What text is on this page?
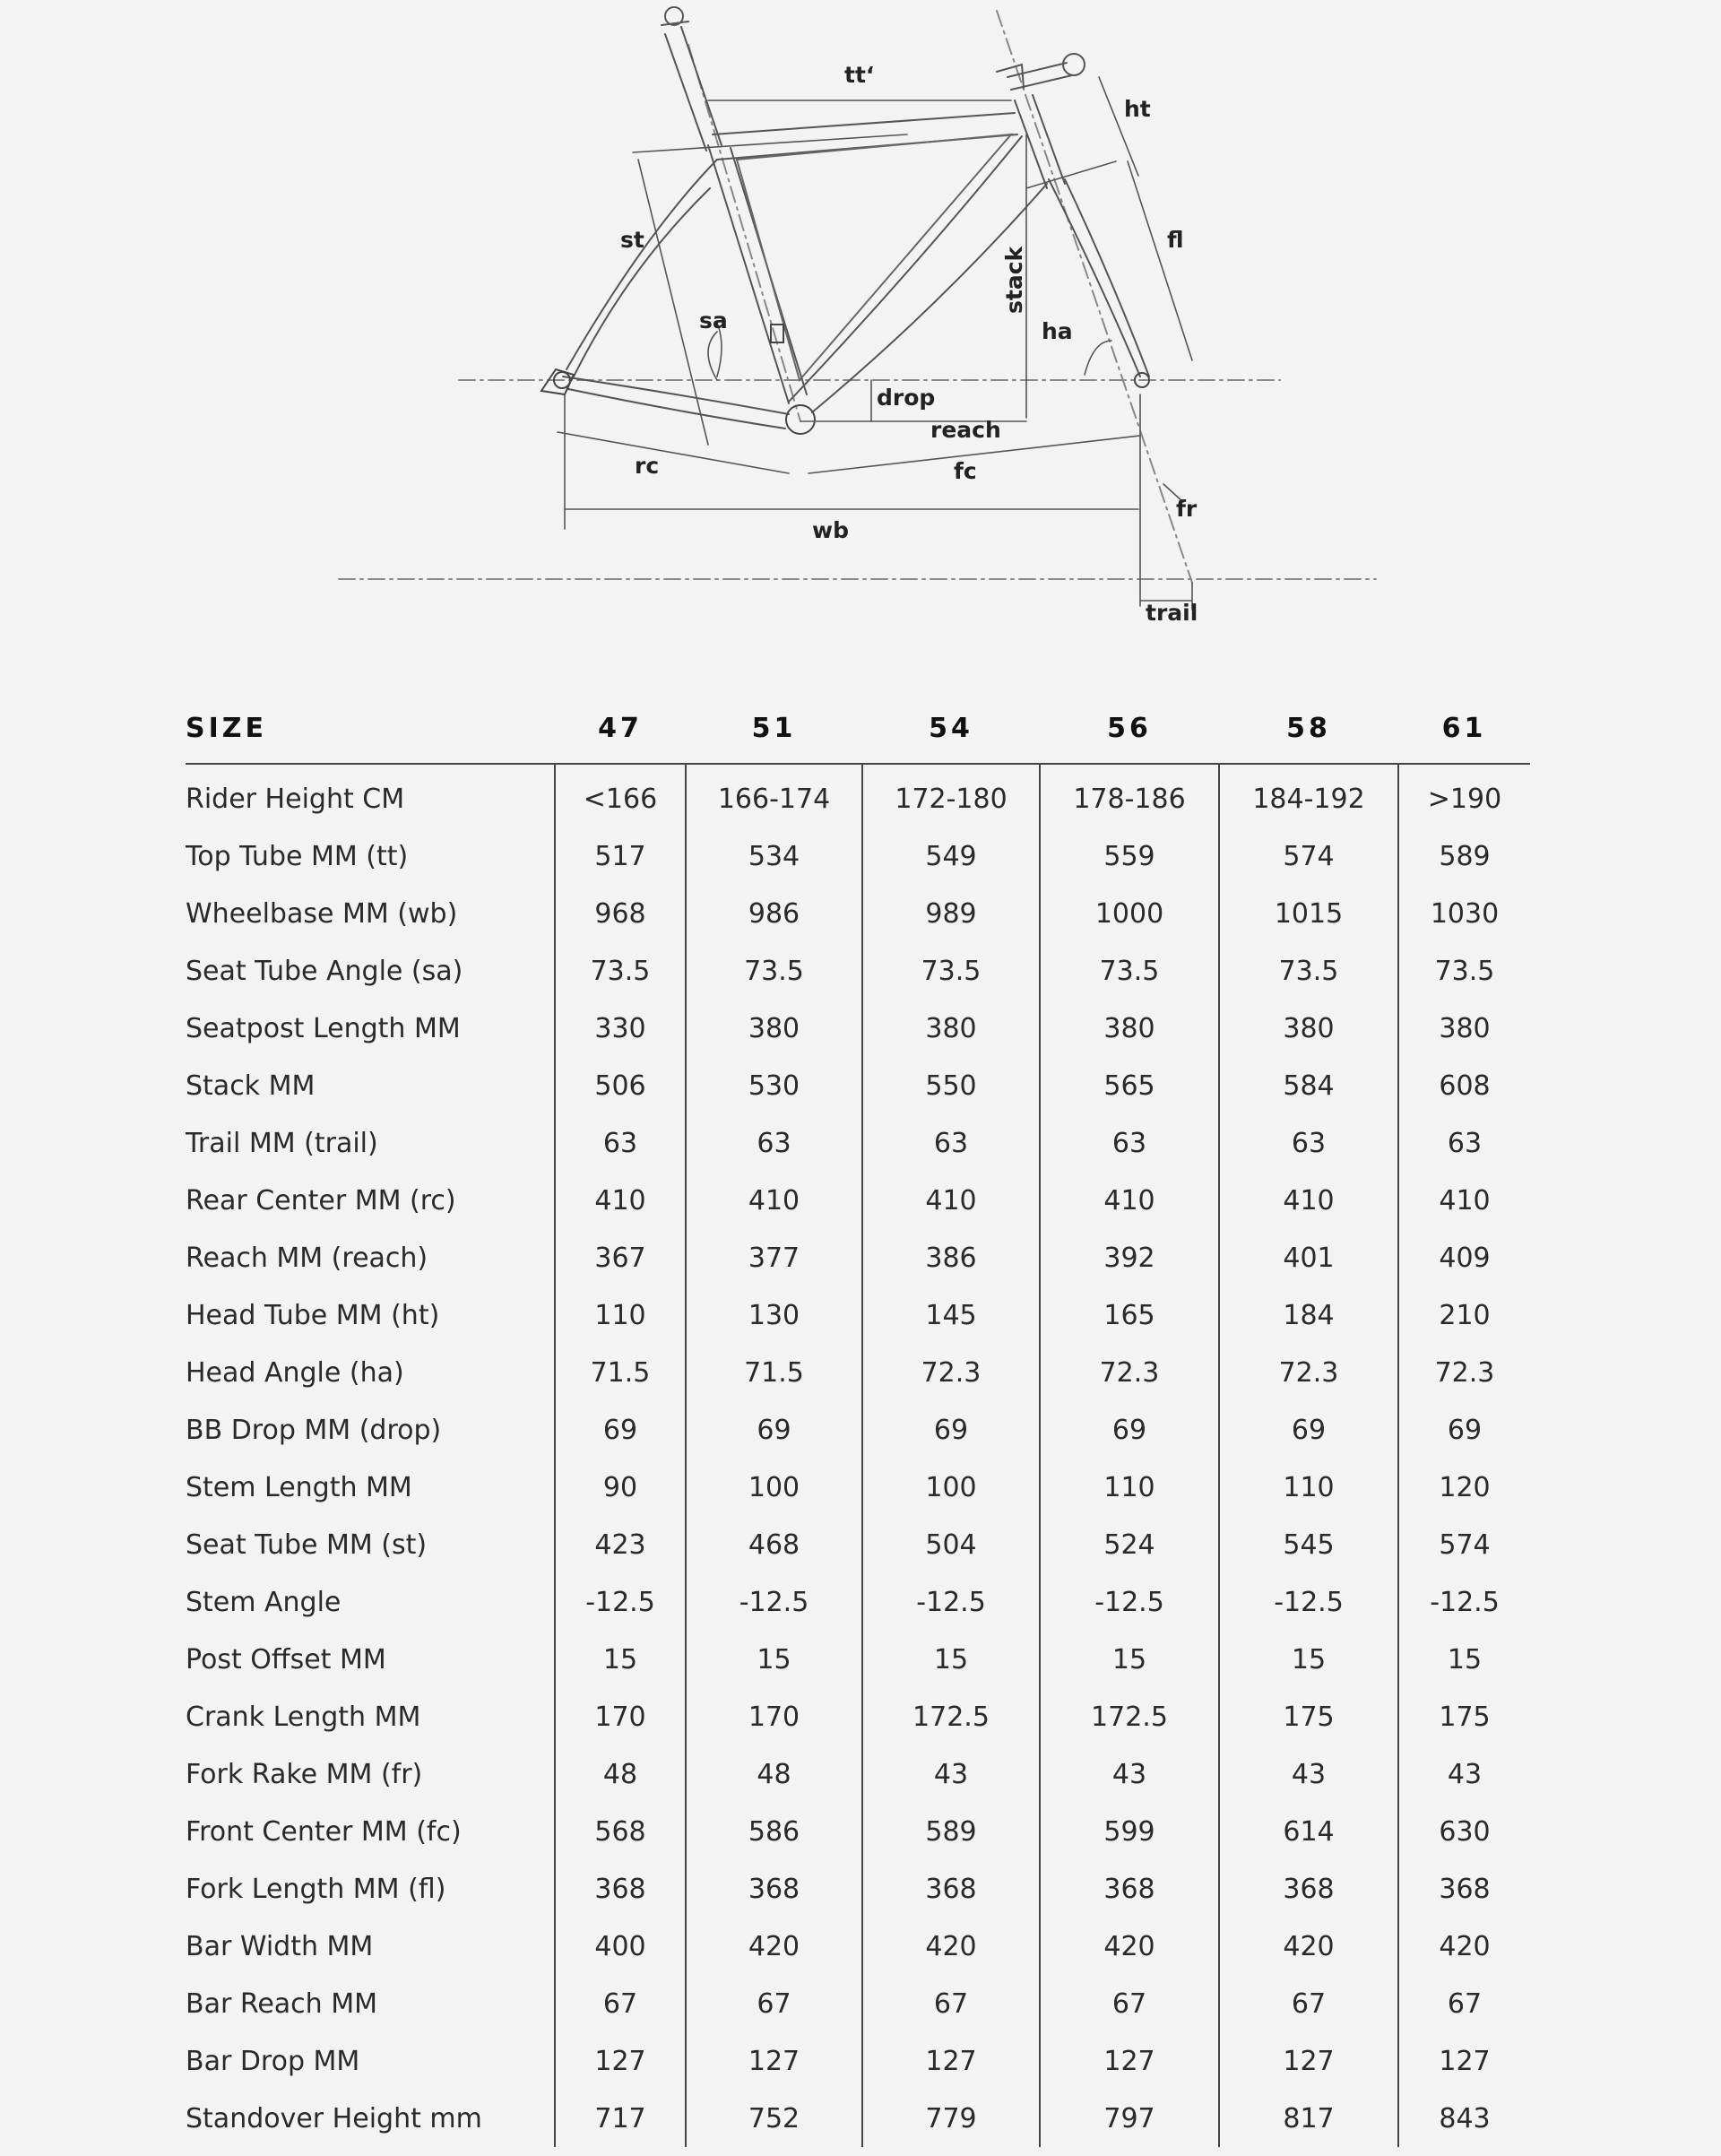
tt‘
ht
st	fl
stack
sa	ha
drop
reach
rc	fc
fr
wb
trail
SIZE	47	51	54	56	58	61
Rider Height CM	<166	166-174	172-180	178-186	184-192	>190
Top Tube MM (tt)	517	534	549	559	574	589
Wheelbase MM (wb)	968	986	989	1000	1015	1030
Seat Tube Angle (sa)	73.5	73.5	73.5	73.5	73.5	73.5
Seatpost Length MM	330	380	380	380	380	380
Stack MM	506	530	550	565	584	608
Trail MM (trail)	63	63	63	63	63	63
Rear Center MM (rc)	410	410	410	410	410	410
Reach MM (reach)	367	377	386	392	401	409
Head Tube MM (ht)	110	130	145	165	184	210
Head Angle (ha)	71.5	71.5	72.3	72.3	72.3	72.3
BB Drop MM (drop)	69	69	69	69	69	69
Stem Length MM	90	100	100	110	110	120
Seat Tube MM (st)	423	468	504	524	545	574
Stem Angle	-12.5	-12.5	-12.5	-12.5	-12.5	-12.5
Post Offset MM	15	15	15	15	15	15
Crank Length MM	170	170	172.5	172.5	175	175
Fork Rake MM (fr)	48	48	43	43	43	43
Front Center MM (fc)	568	586	589	599	614	630
Fork Length MM (fl)	368	368	368	368	368	368
Bar Width MM	400	420	420	420	420	420
Bar Reach MM	67	67	67	67	67	67
Bar Drop MM	127	127	127	127	127	127
Standover Height mm	717	752	779	797	817	843
